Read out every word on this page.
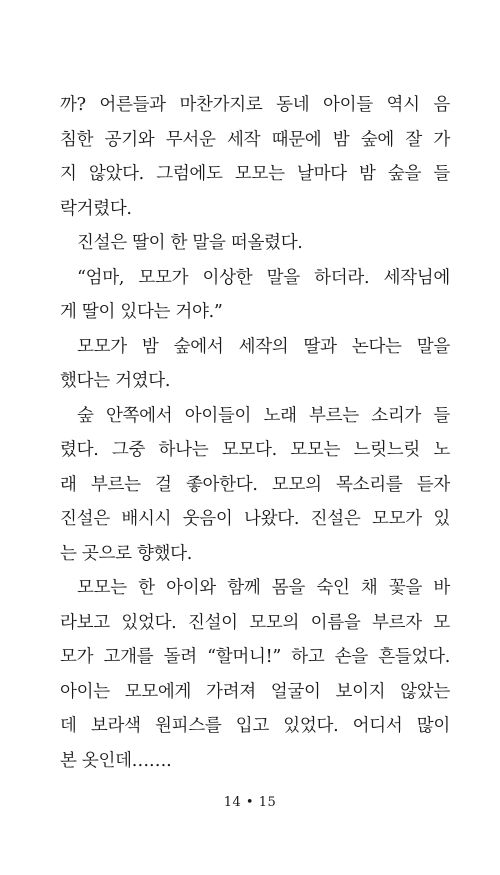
까? 어른들과 마찬가지로 동네 아이들 역시 음
침한 공기와 무서운 세작 때문에 밤 숲에 잘 가
지 않았다. 그럼에도 모모는 날마다 밤 숲을 들
락거렸다.
진설은 딸이 한 말을 떠올렸다.
“엄마, 모모가 이상한 말을 하더라. 세작님에
게 딸이 있다는 거야.”
모모가 밤 숲에서 세작의 딸과 논다는 말을
했다는 거였다.
숲 안쪽에서 아이들이 노래 부르는 소리가 들
렸다. 그중 하나는 모모다. 모모는 느릿느릿 노
래 부르는 걸 좋아한다. 모모의 목소리를 듣자
진설은 배시시 웃음이 나왔다. 진설은 모모가 있
는 곳으로 향했다.
모모는 한 아이와 함께 몸을 숙인 채 꽃을 바
라보고 있었다. 진설이 모모의 이름을 부르자 모
모가 고개를 돌려 “할머니!” 하고 손을 흔들었다.
아이는 모모에게 가려져 얼굴이 보이지 않았는
데 보라색 원피스를 입고 있었다. 어디서 많이
본 옷인데…….
14 • 15
